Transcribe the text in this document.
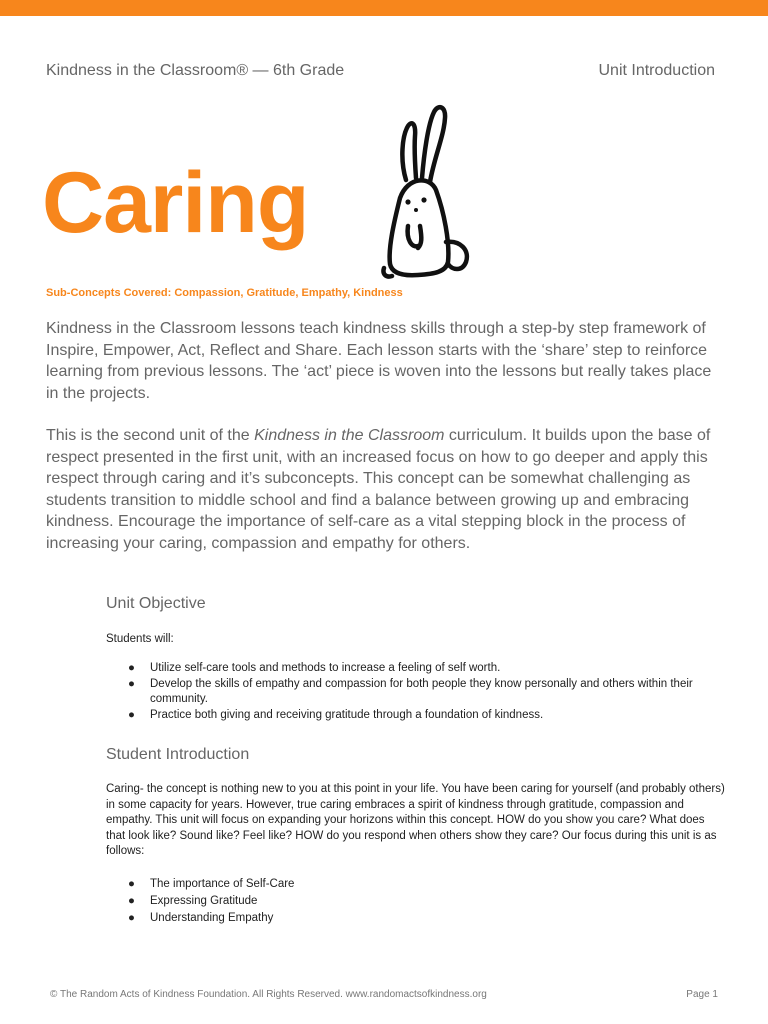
Kindness in the Classroom® — 6th Grade	Unit Introduction
Caring
Sub-Concepts Covered: Compassion, Gratitude, Empathy, Kindness

Kindness in the Classroom lessons teach kindness skills through a step-by step framework of Inspire, Empower, Act, Reflect and Share. Each lesson starts with the ‘share’ step to reinforce learning from previous lessons. The ‘act’ piece is woven into the lessons but really takes place in the projects.

This is the second unit of the Kindness in the Classroom curriculum. It builds upon the base of respect presented in the first unit, with an increased focus on how to go deeper and apply this respect through caring and it’s subconcepts. This concept can be somewhat challenging as students transition to middle school and find a balance between growing up and embracing kindness. Encourage the importance of self-care as a vital stepping block in the process of increasing your caring, compassion and empathy for others.

Unit Objective

Students will:

● Utilize self-care tools and methods to increase a feeling of self worth.
● Develop the skills of empathy and compassion for both people they know personally and others within their community.
● Practice both giving and receiving gratitude through a foundation of kindness.
Student Introduction

Caring- the concept is nothing new to you at this point in your life. You have been caring for yourself (and probably others) in some capacity for years. However, true caring embraces a spirit of kindness through gratitude, compassion and empathy. This unit will focus on expanding your horizons within this concept. HOW do you show you care? What does that look like? Sound like? Feel like? HOW do you respond when others show they care? Our focus during this unit is as follows:

● The importance of Self-Care
● Expressing Gratitude
● Understanding Empathy
© The Random Acts of Kindness Foundation. All Rights Reserved. www.randomactsofkindness.org	Page 1
